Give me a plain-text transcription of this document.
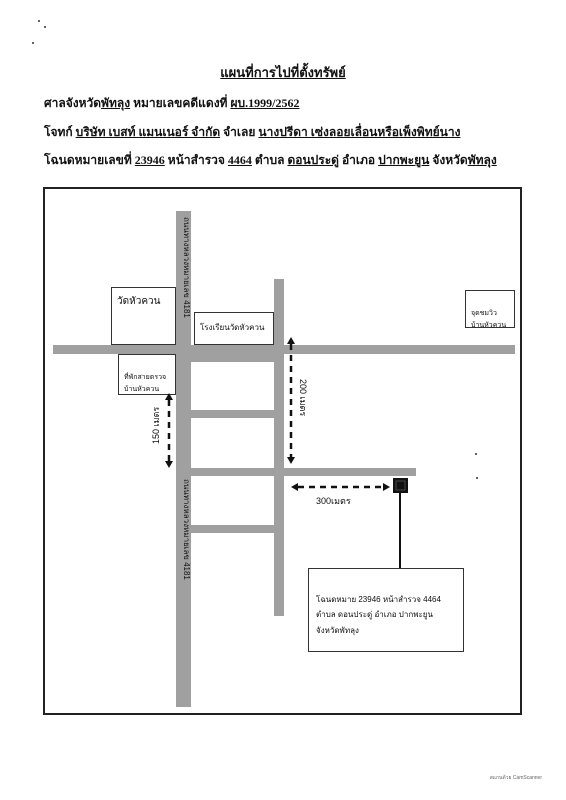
แผนที่การไปที่ตั้งทรัพย์
ศาลจังหวัดพัทลุง หมายเลขคดีแดงที่ ผบ.1999/2562
โจทก์ บริษัท เบสท์ แมนเนอร์ จำกัด จำเลย นางปรีดา เซ่งลอยเลื่อนหรือเพ็งพิทย์นาง
โฉนดหมายเลขที่ 23946 หน้าสำรวจ 4464 ตำบล ดอนประดู่ อำเภอ ปากพะยูน จังหวัดพัทลุง
ถนนทางหลวงหมายเลข 4181
ถนนทางหลวงหมายเลข 4181
วัดหัวควน
โรงเรียนวัดหัวควน

จุดชมวิว
บ้านหัวควน

ที่พักสายตรวจ
บ้านหัวควน	200 เมตร
150 เมตร
300เมตร

โฉนดหมาย 23946 หน้าสำรวจ 4464
ตำบล ดอนประดู่ อำเภอ ปากพะยูน
จังหวัดพัทลุง

สแกนด้วย CamScanner
